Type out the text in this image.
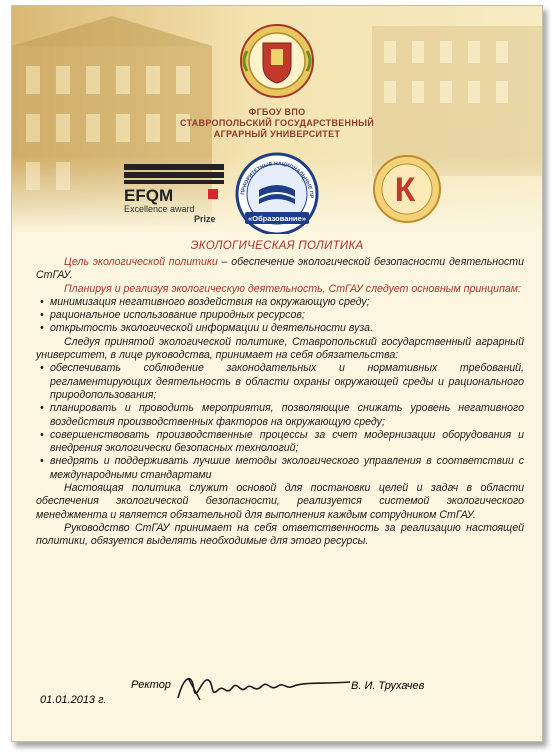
EFQM
Excellence award
Prize
ПРИОРИТЕТНЫЕ НАЦИОНАЛЬНЫЕ ПР
«Образование»
К
ФГБОУ ВПО
СТАВРОПОЛЬСКИЙ ГОСУДАРСТВЕННЫЙ
АГРАРНЫЙ УНИВЕРСИТЕТ
ЭКОЛОГИЧЕСКАЯ ПОЛИТИКА

Цель экологической политики – обеспечение экологической безопасности деятельности СтГАУ.

Планируя и реализуя экологическую деятельность, СтГАУ следует основным принципам:

• минимизация негативного воздействия на окружающую среду;
• рациональное использование природных ресурсов;
• открытость экологической информации и деятельности вуза.

Следуя принятой экологической политике, Ставропольский государственный аграрный университет, в лице руководства, принимает на себя обязательства:

• обеспечивать соблюдение законодательных и нормативных требований, регламентирующих деятельность в области охраны окружающей среды и рационального природопользования;
• планировать и проводить мероприятия, позволяющие снижать уровень негативного воздействия производственных факторов на окружающую среду;
• совершенствовать производственные процессы за счет модернизации оборудования и внедрения экологически безопасных технологий;
• внедрять и поддерживать лучшие методы экологического управления в соответствии с международными стандартами

Настоящая политика служит основой для постановки целей и задач в области обеспечения экологической безопасности, реализуется системой экологического менеджмента и является обязательной для выполнения каждым сотрудником СтГАУ.

Руководство СтГАУ принимает на себя ответственность за реализацию настоящей политики, обязуется выделять необходимые для этого ресурсы.

Ректор
01.01.2013 г.
В. И. Трухачев
